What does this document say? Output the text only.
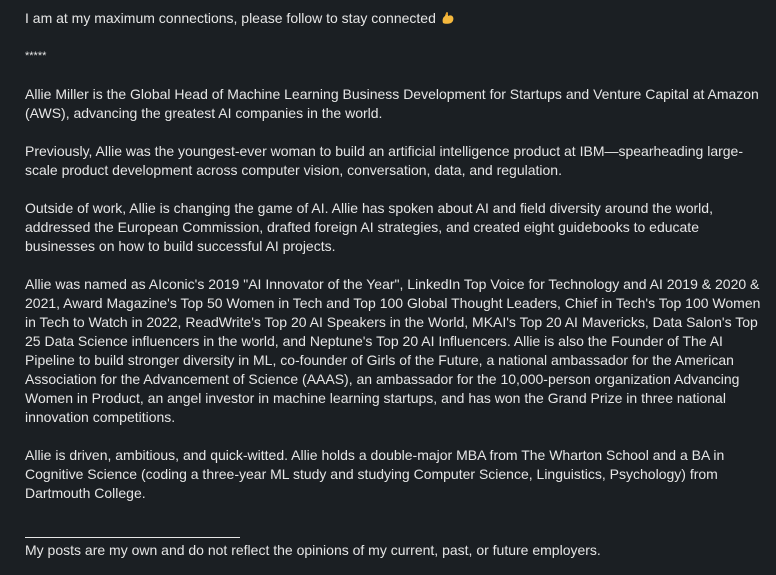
I am at my maximum connections, please follow to stay connected

*****

Allie Miller is the Global Head of Machine Learning Business Development for Startups and Venture Capital at Amazon (AWS), advancing the greatest AI companies in the world.

Previously, Allie was the youngest-ever woman to build an artificial intelligence product at IBM—spearheading large-scale product development across computer vision, conversation, data, and regulation.

Outside of work, Allie is changing the game of AI. Allie has spoken about AI and field diversity around the world, addressed the European Commission, drafted foreign AI strategies, and created eight guidebooks to educate businesses on how to build successful AI projects.

Allie was named as AIconic's 2019 "AI Innovator of the Year", LinkedIn Top Voice for Technology and AI 2019 & 2020 & 2021, Award Magazine's Top 50 Women in Tech and Top 100 Global Thought Leaders, Chief in Tech's Top 100 Women in Tech to Watch in 2022, ReadWrite's Top 20 AI Speakers in the World, MKAI's Top 20 AI Mavericks, Data Salon's Top 25 Data Science influencers in the world, and Neptune's Top 20 AI Influencers. Allie is also the Founder of The AI Pipeline to build stronger diversity in ML, co-founder of Girls of the Future, a national ambassador for the American Association for the Advancement of Science (AAAS), an ambassador for the 10,000-person organization Advancing Women in Product, an angel investor in machine learning startups, and has won the Grand Prize in three national innovation competitions.

Allie is driven, ambitious, and quick-witted. Allie holds a double-major MBA from The Wharton School and a BA in Cognitive Science (coding a three-year ML study and studying Computer Science, Linguistics, Psychology) from Dartmouth College.

My posts are my own and do not reflect the opinions of my current, past, or future employers.
